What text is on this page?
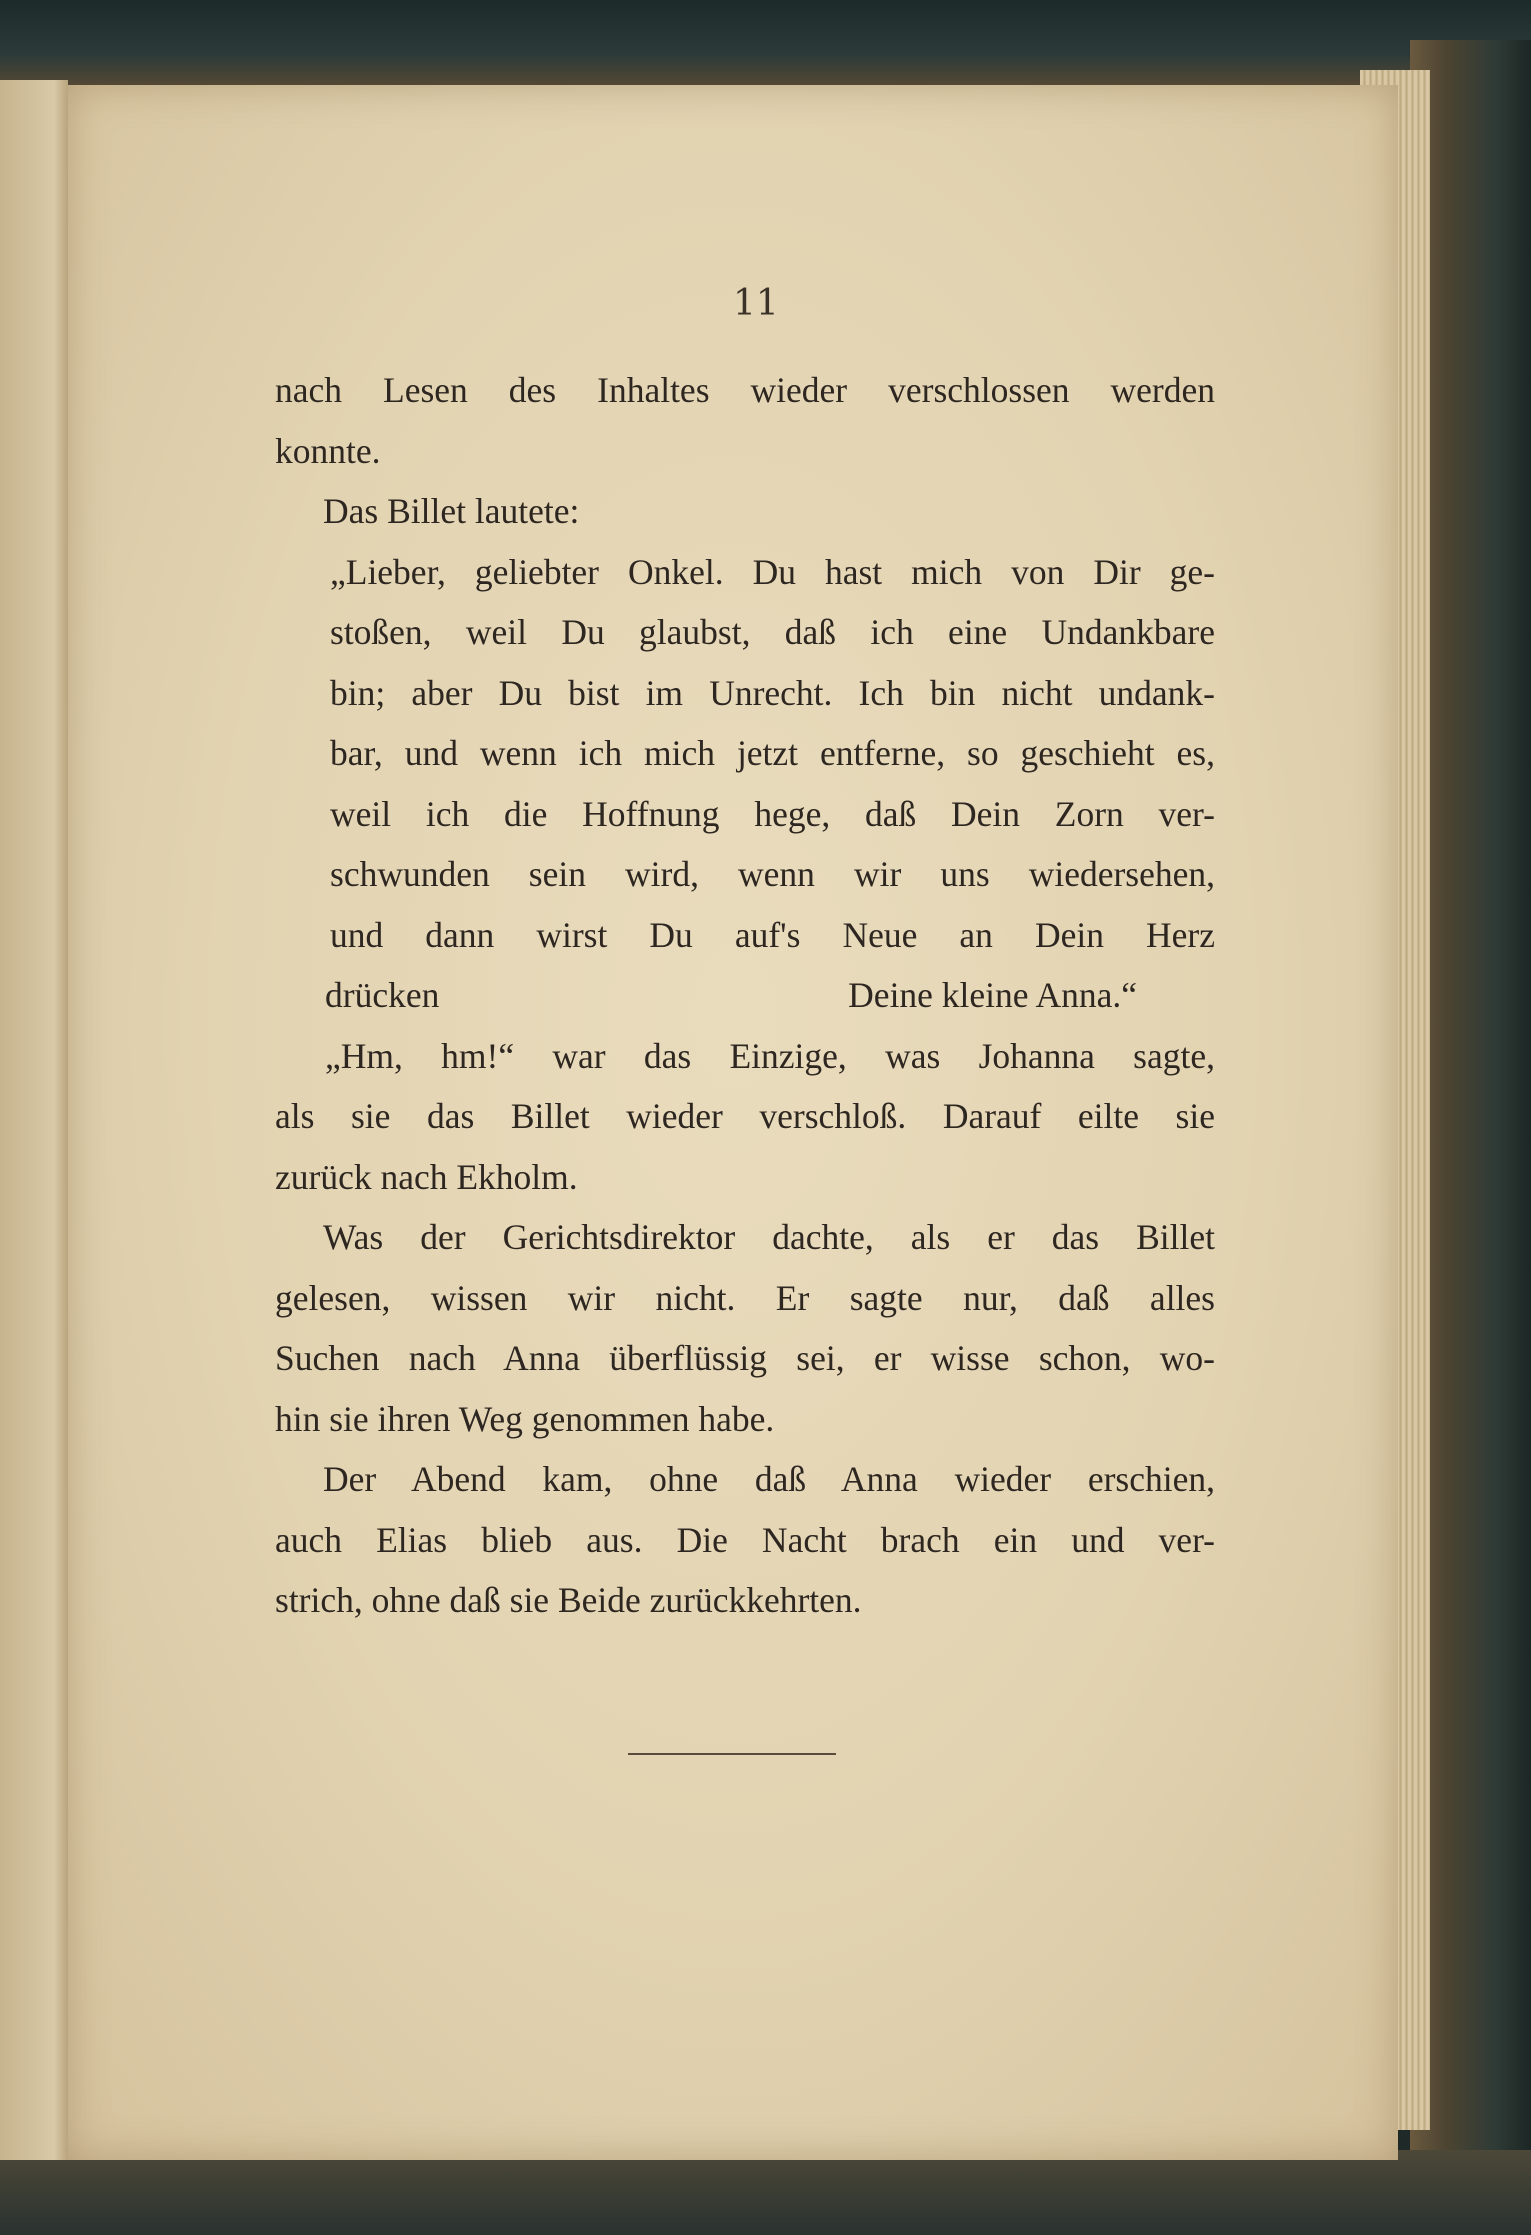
11
nach Lesen des Inhaltes wieder verschlossen werden
konnte.
Das Billet lautete:
„Lieber, geliebter Onkel. Du hast mich von Dir ge-
stoßen, weil Du glaubst, daß ich eine Undankbare
bin; aber Du bist im Unrecht. Ich bin nicht undank-
bar, und wenn ich mich jetzt entferne, so geschieht es,
weil ich die Hoffnung hege, daß Dein Zorn ver-
schwunden sein wird, wenn wir uns wiedersehen,
und dann wirst Du auf's Neue an Dein Herz
drücken	Deine kleine Anna.“
„Hm, hm!“ war das Einzige, was Johanna sagte,
als sie das Billet wieder verschloß. Darauf eilte sie
zurück nach Ekholm.
Was der Gerichtsdirektor dachte, als er das Billet
gelesen, wissen wir nicht. Er sagte nur, daß alles
Suchen nach Anna überflüssig sei, er wisse schon, wo-
hin sie ihren Weg genommen habe.
Der Abend kam, ohne daß Anna wieder erschien,
auch Elias blieb aus. Die Nacht brach ein und ver-
strich, ohne daß sie Beide zurückkehrten.
